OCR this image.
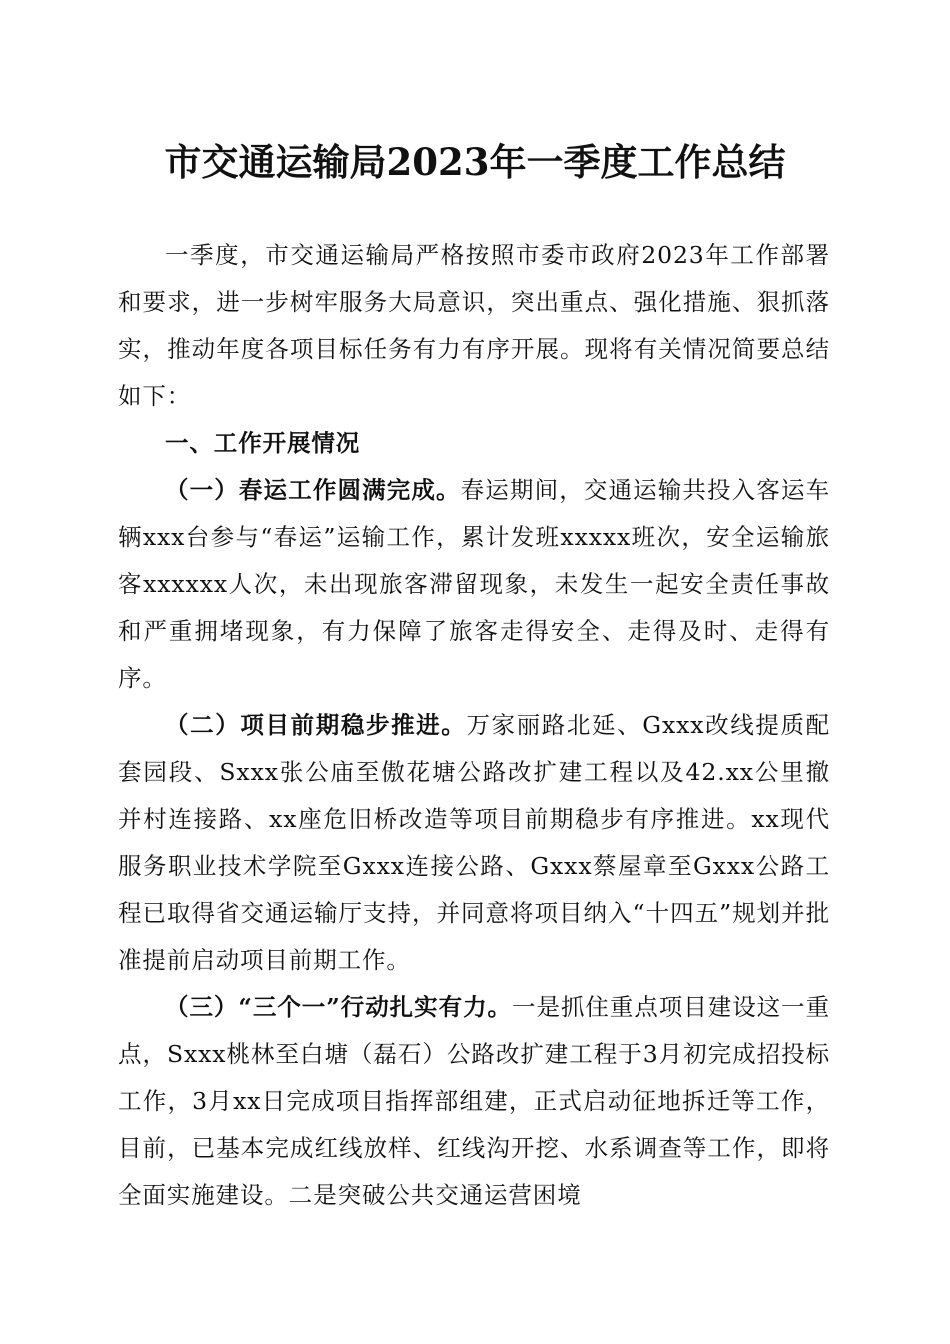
市交通运输局2023年一季度工作总结

一季度，市交通运输局严格按照市委市政府2023年工作部署和要求，进一步树牢服务大局意识，突出重点、强化措施、狠抓落实，推动年度各项目标任务有力有序开展。现将有关情况简要总结如下：

一、工作开展情况

（一）春运工作圆满完成。春运期间，交通运输共投入客运车辆xxx台参与“春运”运输工作，累计发班xxxxx班次，安全运输旅客xxxxxx人次，未出现旅客滞留现象，未发生一起安全责任事故和严重拥堵现象，有力保障了旅客走得安全、走得及时、走得有序。

（二）项目前期稳步推进。万家丽路北延、Gxxx改线提质配套园段、Sxxx张公庙至傲花塘公路改扩建工程以及42.xx公里撤并村连接路、xx座危旧桥改造等项目前期稳步有序推进。xx现代服务职业技术学院至Gxxx连接公路、Gxxx蔡屋章至Gxxx公路工程已取得省交通运输厅支持，并同意将项目纳入“十四五”规划并批准提前启动项目前期工作。

（三）“三个一”行动扎实有力。一是抓住重点项目建设这一重点，Sxxx桃林至白塘（磊石）公路改扩建工程于3月初完成招投标工作，3月xx日完成项目指挥部组建，正式启动征地拆迁等工作，目前，已基本完成红线放样、红线沟开挖、水系调查等工作，即将全面实施建设。二是突破公共交通运营困境
